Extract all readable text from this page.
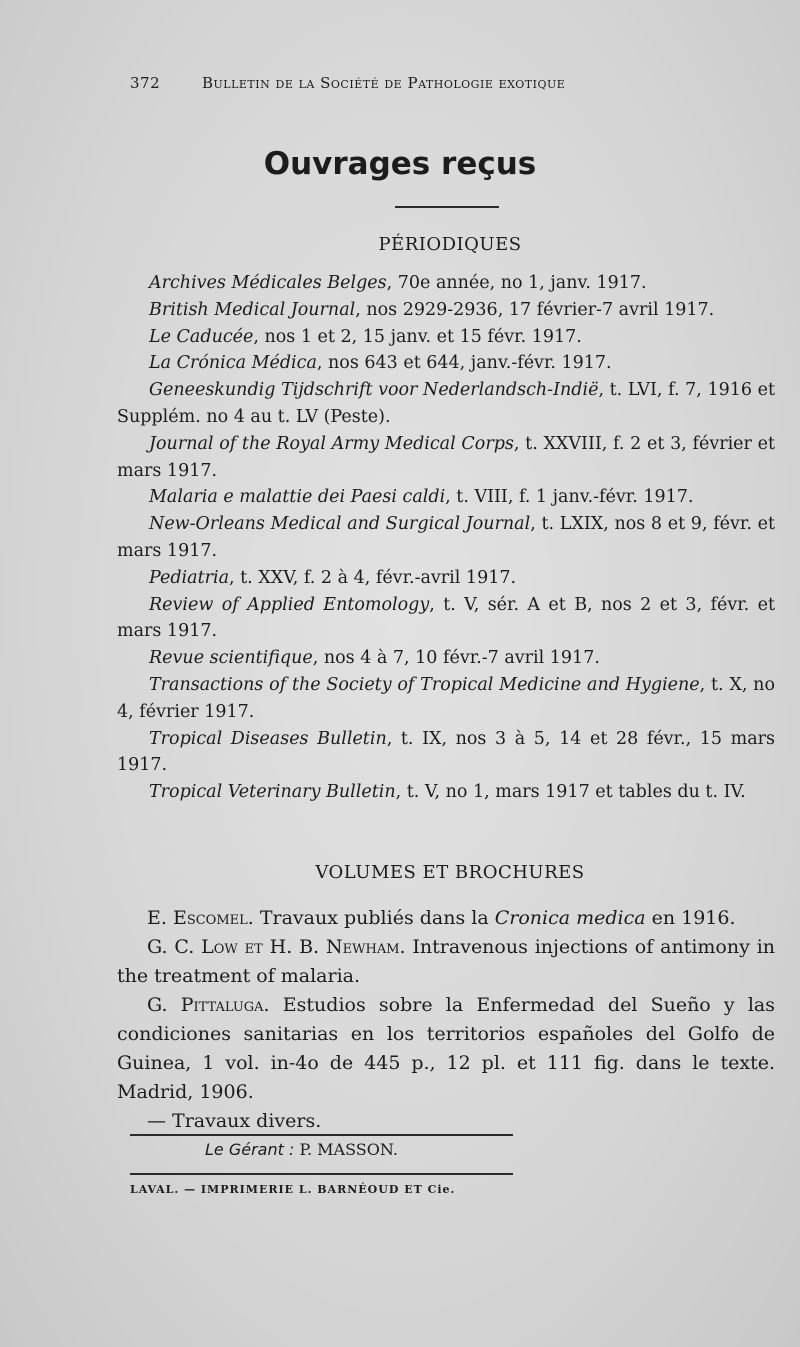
372	Bulletin de la Société de Pathologie exotique
Ouvrages reçus
PÉRIODIQUES

Archives Médicales Belges, 70e année, no 1, janv. 1917.

British Medical Journal, nos 2929-2936, 17 février-7 avril 1917.

Le Caducée, nos 1 et 2, 15 janv. et 15 févr. 1917.

La Crónica Médica, nos 643 et 644, janv.-févr. 1917.

Geneeskundig Tijdschrift voor Nederlandsch-Indië, t. LVI, f. 7, 1916 et Supplém. no 4 au t. LV (Peste).

Journal of the Royal Army Medical Corps, t. XXVIII, f. 2 et 3, février et mars 1917.

Malaria e malattie dei Paesi caldi, t. VIII, f. 1 janv.-févr. 1917.

New-Orleans Medical and Surgical Journal, t. LXIX, nos 8 et 9, févr. et mars 1917.

Pediatria, t. XXV, f. 2 à 4, févr.-avril 1917.

Review of Applied Entomology, t. V, sér. A et B, nos 2 et 3, févr. et mars 1917.

Revue scientifique, nos 4 à 7, 10 févr.-7 avril 1917.

Transactions of the Society of Tropical Medicine and Hygiene, t. X, no 4, février 1917.

Tropical Diseases Bulletin, t. IX, nos 3 à 5, 14 et 28 févr., 15 mars 1917.

Tropical Veterinary Bulletin, t. V, no 1, mars 1917 et tables du t. IV.

VOLUMES ET BROCHURES

E. Escomel. Travaux publiés dans la Cronica medica en 1916.

G. C. Low et H. B. Newham. Intravenous injections of antimony in the treatment of malaria.

G. Pittaluga. Estudios sobre la Enfermedad del Sueño y las condiciones sanitarias en los territorios españoles del Golfo de Guinea, 1 vol. in-4o de 445 p., 12 pl. et 111 fig. dans le texte. Madrid, 1906.

— Travaux divers.

Le Gérant : P. MASSON.
LAVAL. — IMPRIMERIE L. BARNÉOUD ET Cie.
